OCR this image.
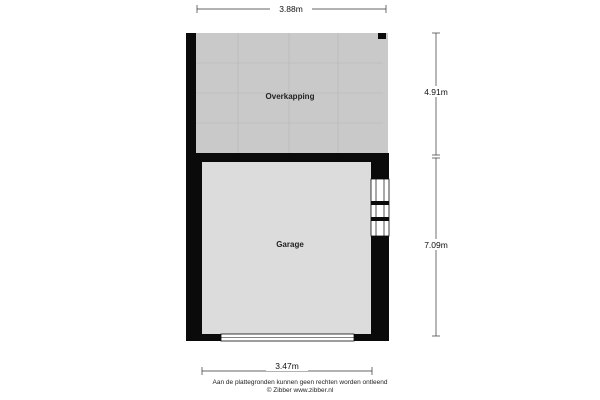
3.88m
4.91m
7.09m
3.47m
Overkapping
Garage
Aan de plattegronden kunnen geen rechten worden ontleend
© Zibber www.zibber.nl
